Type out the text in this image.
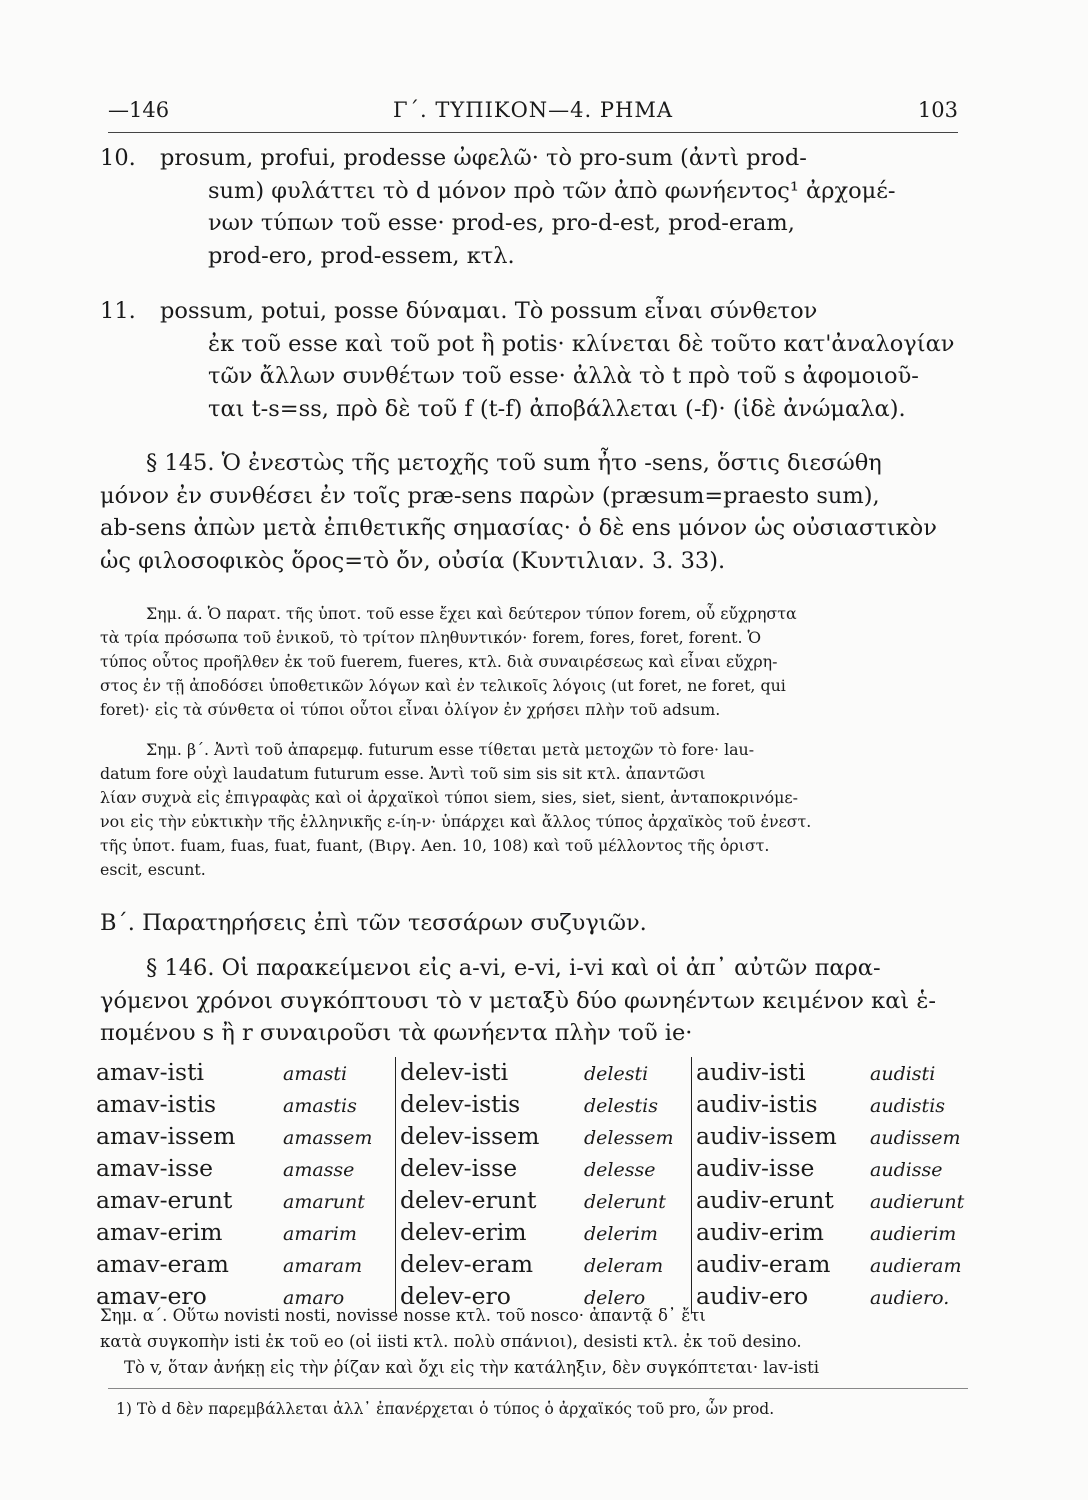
—146	Γ΄. ΤΥΠΙΚΟΝ—4. ΡΗΜΑ	103
10. prosum, profui, prodesse ὠφελῶ· τὸ pro-sum (ἀντὶ prod-
sum) φυλάττει τὸ d μόνον πρὸ τῶν ἀπὸ φωνήεντος¹ ἀρχομέ-
νων τύπων τοῦ esse· prod-es, pro-d-est, prod-eram,
prod-ero, prod-essem, κτλ.
11. possum, potui, posse δύναμαι. Τὸ possum εἶναι σύνθετον
ἐκ τοῦ esse καὶ τοῦ pot ἢ potis· κλίνεται δὲ τοῦτο κατ'ἀναλογίαν
τῶν ἄλλων συνθέτων τοῦ esse· ἀλλὰ τὸ t πρὸ τοῦ s ἀφομοιοῦ-
ται t-s=ss, πρὸ δὲ τοῦ f (t-f) ἀποβάλλεται (-f)· (ἰδὲ ἀνώμαλα).
§ 145. Ὁ ἐνεστὼς τῆς μετοχῆς τοῦ sum ἦτο -sens, ὅστις διεσώθη
μόνον ἐν συνθέσει ἐν τοῖς præ-sens παρὼν (præsum=praesto sum),
ab-sens ἀπὼν μετὰ ἐπιθετικῆς σημασίας· ὁ δὲ ens μόνον ὡς οὐσιαστικὸν
ὡς φιλοσοφικὸς ὅρος=τὸ ὄν, οὐσία (Κυντιλιαν. 3. 33).
Σημ. ά. Ὁ παρατ. τῆς ὑποτ. τοῦ esse ἔχει καὶ δεύτερον τύπον forem, οὗ εὔχρηστα
τὰ τρία πρόσωπα τοῦ ἑνικοῦ, τὸ τρίτον πληθυντικόν· forem, fores, foret, forent. Ὁ
τύπος οὗτος προῆλθεν ἐκ τοῦ fuerem, fueres, κτλ. διὰ συναιρέσεως καὶ εἶναι εὔχρη-
στος ἐν τῇ ἀποδόσει ὑποθετικῶν λόγων καὶ ἐν τελικοῖς λόγοις (ut foret, ne foret, qui
foret)· εἰς τὰ σύνθετα οἱ τύποι οὗτοι εἶναι ὀλίγον ἐν χρήσει πλὴν τοῦ adsum.
Σημ. β΄. Ἀντὶ τοῦ ἀπαρεμφ. futurum esse τίθεται μετὰ μετοχῶν τὸ fore· lau-
datum fore οὐχὶ laudatum futurum esse. Ἀντὶ τοῦ sim sis sit κτλ. ἀπαντῶσι
λίαν συχνὰ εἰς ἐπιγραφὰς καὶ οἱ ἀρχαϊκοὶ τύποι siem, sies, siet, sient, ἀνταποκρινόμε-
νοι εἰς τὴν εὐκτικὴν τῆς ἑλληνικῆς ε-ίη-ν· ὑπάρχει καὶ ἄλλος τύπος ἀρχαϊκὸς τοῦ ἐνεστ.
τῆς ὑποτ. fuam, fuas, fuat, fuant, (Βιργ. Aen. 10, 108) καὶ τοῦ μέλλοντος τῆς ὁριστ.
escit, escunt.
Β΄. Παρατηρήσεις ἐπὶ τῶν τεσσάρων συζυγιῶν.
§ 146. Οἱ παρακείμενοι εἰς a-vi, e-vi, i-vi καὶ οἱ ἀπ᾿ αὐτῶν παρα-
γόμενοι χρόνοι συγκόπτουσι τὸ v μεταξὺ δύο φωνηέντων κειμένον καὶ ἑ-
πομένου s ἢ r συναιροῦσι τὰ φωνήεντα πλὴν τοῦ ie·
amav-isti	amasti	delev-isti	delesti	audiv-isti	audisti
amav-istis	amastis	delev-istis	delestis	audiv-istis	audistis
amav-issem	amassem	delev-issem	delessem	audiv-issem	audissem
amav-isse	amasse	delev-isse	delesse	audiv-isse	audisse
amav-erunt	amarunt	delev-erunt	delerunt	audiv-erunt	audierunt
amav-erim	amarim	delev-erim	delerim	audiv-erim	audierim
amav-eram	amaram	delev-eram	deleram	audiv-eram	audieram
amav-ero	amaro	delev-ero	delero	audiv-ero	audiero.
Σημ. α΄. Οὕτω novisti nosti, novisse nosse κτλ. τοῦ nosco· ἀπαντᾷ δ᾿ ἔτι
κατὰ συγκοπὴν isti ἐκ τοῦ eo (οἱ iisti κτλ. πολὺ σπάνιοι), desisti κτλ. ἐκ τοῦ desino.
Τὸ v, ὅταν ἀνήκῃ εἰς τὴν ῥίζαν καὶ ὄχι εἰς τὴν κατάληξιν, δὲν συγκόπτεται· lav-isti
1) Τὸ d δὲν παρεμβάλλεται ἀλλ᾿ ἐπανέρχεται ὁ τύπος ὁ ἀρχαϊκός τοῦ pro, ὧν prod.
